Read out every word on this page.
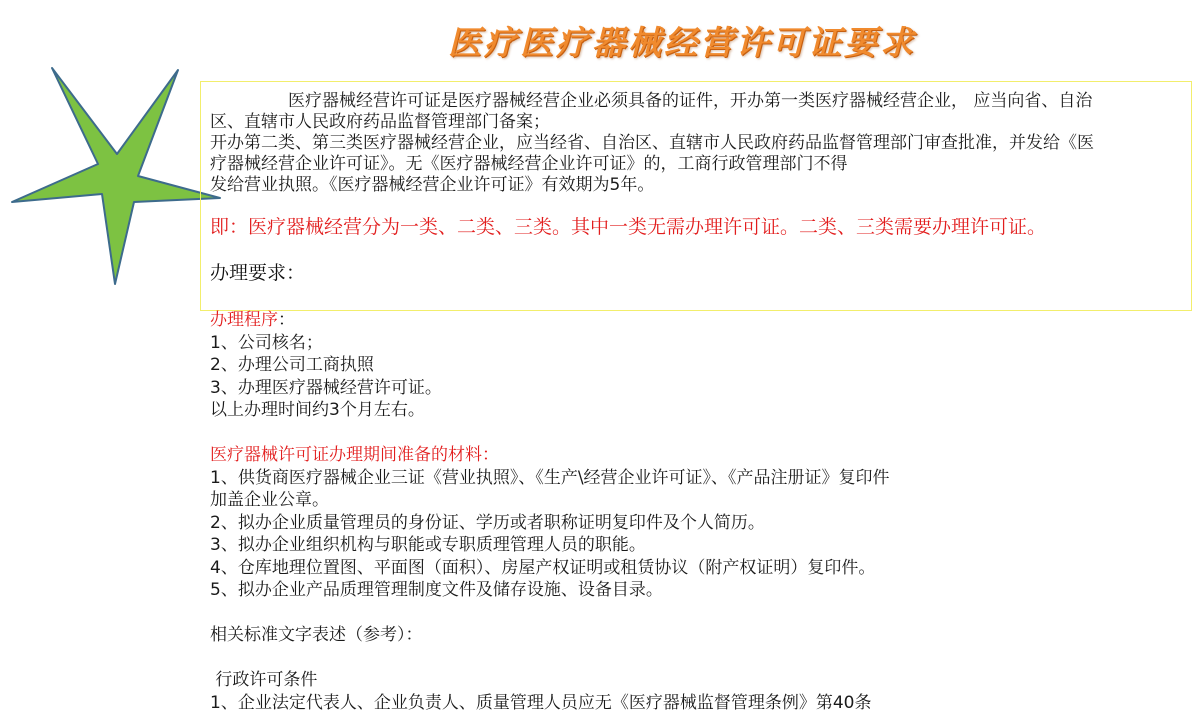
医疗医疗器械经营许可证要求
医疗器械经营许可证是医疗器械经营企业必须具备的证件，开办第一类医疗器械经营企业， 应当向省、自治
区、直辖市人民政府药品监督管理部门备案；
开办第二类、第三类医疗器械经营企业，应当经省、自治区、直辖市人民政府药品监督管理部门审查批准，并发给《医
疗器械经营企业许可证》。无《医疗器械经营企业许可证》的，工商行政管理部门不得
发给营业执照。《医疗器械经营企业许可证》有效期为5年。
即：医疗器械经营分为一类、二类、三类。其中一类无需办理许可证。二类、三类需要办理许可证。
办理要求：
办理程序：
1、公司核名；
2、办理公司工商执照
3、办理医疗器械经营许可证。
以上办理时间约3个月左右。
医疗器械许可证办理期间准备的材料：
1、供货商医疗器械企业三证《营业执照》、《生产\经营企业许可证》、《产品注册证》复印件
加盖企业公章。
2、拟办企业质量管理员的身份证、学历或者职称证明复印件及个人简历。
3、拟办企业组织机构与职能或专职质理管理人员的职能。
4、仓库地理位置图、平面图（面积）、房屋产权证明或租赁协议（附产权证明）复印件。
5、拟办企业产品质理管理制度文件及储存设施、设备目录。
相关标准文字表述（参考）：
行政许可条件
1、企业法定代表人、企业负责人、质量管理人员应无《医疗器械监督管理条例》第40条
